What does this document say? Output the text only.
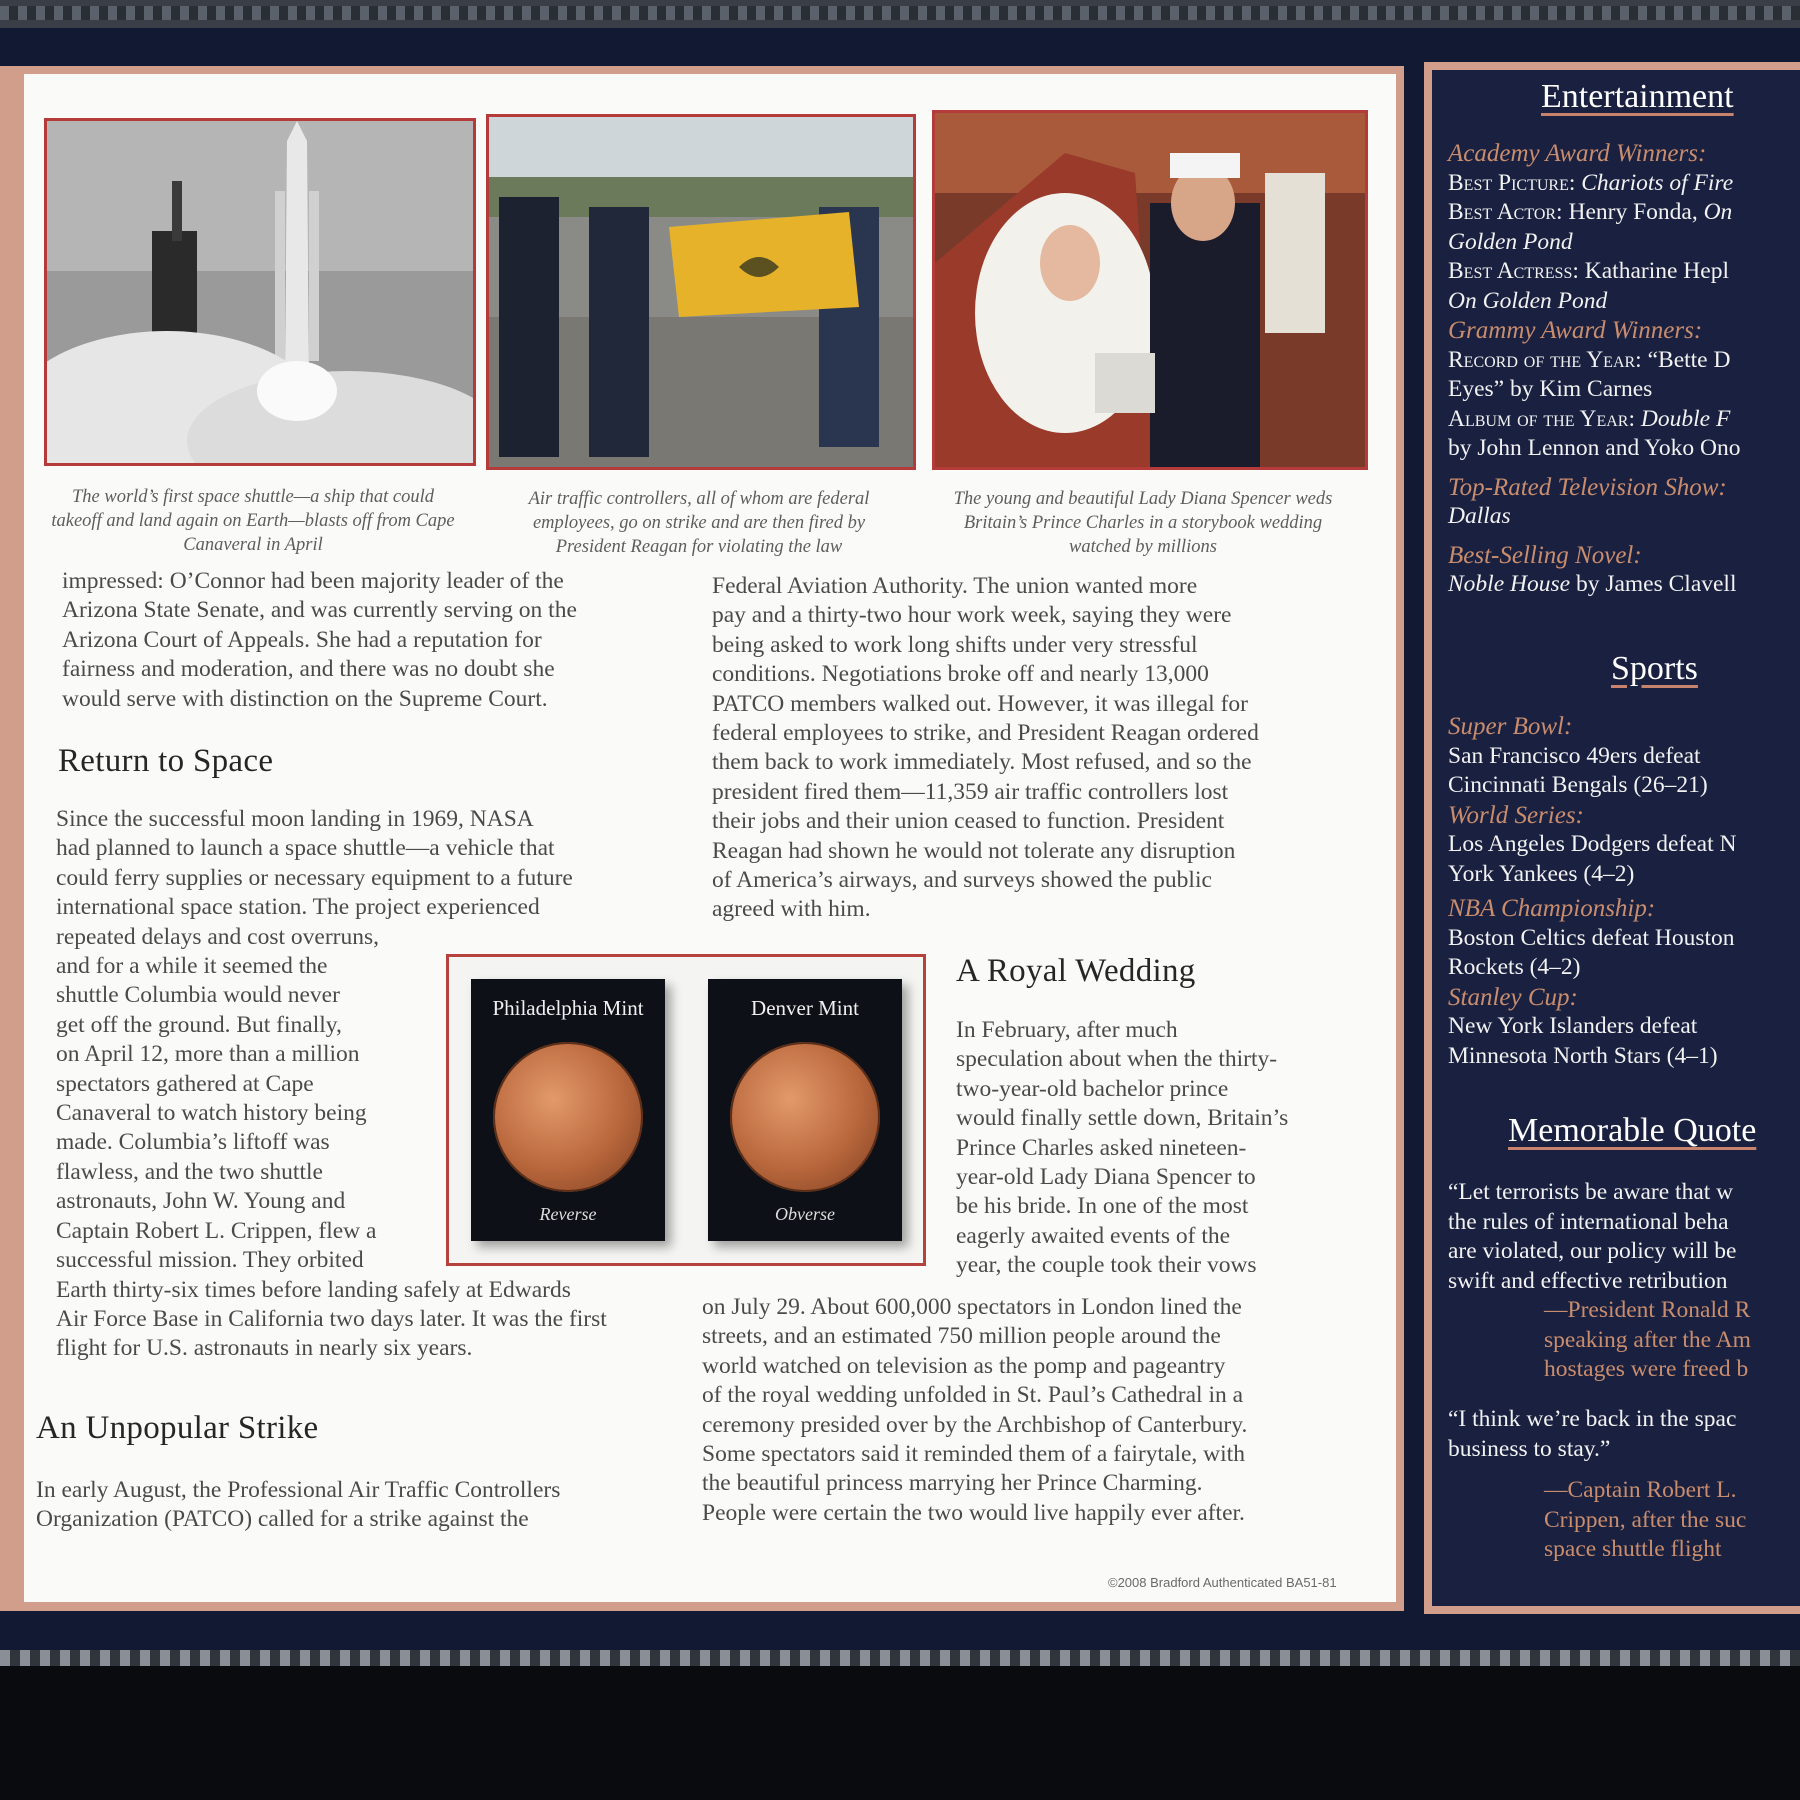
The world’s first space shuttle—a ship that could
takeoff and land again on Earth—blasts off from Cape
Canaveral in April
Air traffic controllers, all of whom are federal
employees, go on strike and are then fired by
President Reagan for violating the law
The young and beautiful Lady Diana Spencer weds
Britain’s Prince Charles in a storybook wedding
watched by millions

impressed: O’Connor had been majority leader of the

Arizona State Senate, and was currently serving on the

Arizona Court of Appeals. She had a reputation for

fairness and moderation, and there was no doubt she

would serve with distinction on the Supreme Court.

Return to Space

Since the successful moon landing in 1969, NASA

had planned to launch a space shuttle—a vehicle that

could ferry supplies or necessary equipment to a future

international space station. The project experienced

repeated delays and cost overruns,

and for a while it seemed the

shuttle Columbia would never

get off the ground. But finally,

on April 12, more than a million

spectators gathered at Cape

Canaveral to watch history being

made. Columbia’s liftoff was

flawless, and the two shuttle

astronauts, John W. Young and

Captain Robert L. Crippen, flew a

successful mission. They orbited

Earth thirty-six times before landing safely at Edwards

Air Force Base in California two days later. It was the first

flight for U.S. astronauts in nearly six years.

An Unpopular Strike

In early August, the Professional Air Traffic Controllers

Organization (PATCO) called for a strike against the

Federal Aviation Authority. The union wanted more

pay and a thirty-two hour work week, saying they were

being asked to work long shifts under very stressful

conditions. Negotiations broke off and nearly 13,000

PATCO members walked out. However, it was illegal for

federal employees to strike, and President Reagan ordered

them back to work immediately. Most refused, and so the

president fired them—11,359 air traffic controllers lost

their jobs and their union ceased to function. President

Reagan had shown he would not tolerate any disruption

of America’s airways, and surveys showed the public

agreed with him.

Philadelphia Mint
Reverse
Denver Mint
Obverse
A Royal Wedding

In February, after much

speculation about when the thirty-

two-year-old bachelor prince

would finally settle down, Britain’s

Prince Charles asked nineteen-

year-old Lady Diana Spencer to

be his bride. In one of the most

eagerly awaited events of the

year, the couple took their vows

on July 29. About 600,000 spectators in London lined the

streets, and an estimated 750 million people around the

world watched on television as the pomp and pageantry

of the royal wedding unfolded in St. Paul’s Cathedral in a

ceremony presided over by the Archbishop of Canterbury.

Some spectators said it reminded them of a fairytale, with

the beautiful princess marrying her Prince Charming.

People were certain the two would live happily ever after.

©2008 Bradford Authenticated BA51-81
Entertainment
Academy Award Winners:
Best Picture: Chariots of Fire
Best Actor: Henry Fonda, On
Golden Pond
Best Actress: Katharine Hepl
On Golden Pond
Grammy Award Winners:
Record of the Year: “Bette D
Eyes” by Kim Carnes
Album of the Year: Double F
by John Lennon and Yoko Ono
Top-Rated Television Show:
Dallas
Best-Selling Novel:
Noble House by James Clavell
Sports
Super Bowl:
San Francisco 49ers defeat
Cincinnati Bengals (26–21)
World Series:
Los Angeles Dodgers defeat N
York Yankees (4–2)
NBA Championship:
Boston Celtics defeat Houston
Rockets (4–2)
Stanley Cup:
New York Islanders defeat
Minnesota North Stars (4–1)
Memorable Quote
“Let terrorists be aware that w
the rules of international beha
are violated, our policy will be
swift and effective retribution
—President Ronald R
speaking after the Am
hostages were freed b
“I think we’re back in the spac
business to stay.”
—Captain Robert L.
Crippen, after the suc
space shuttle flight
